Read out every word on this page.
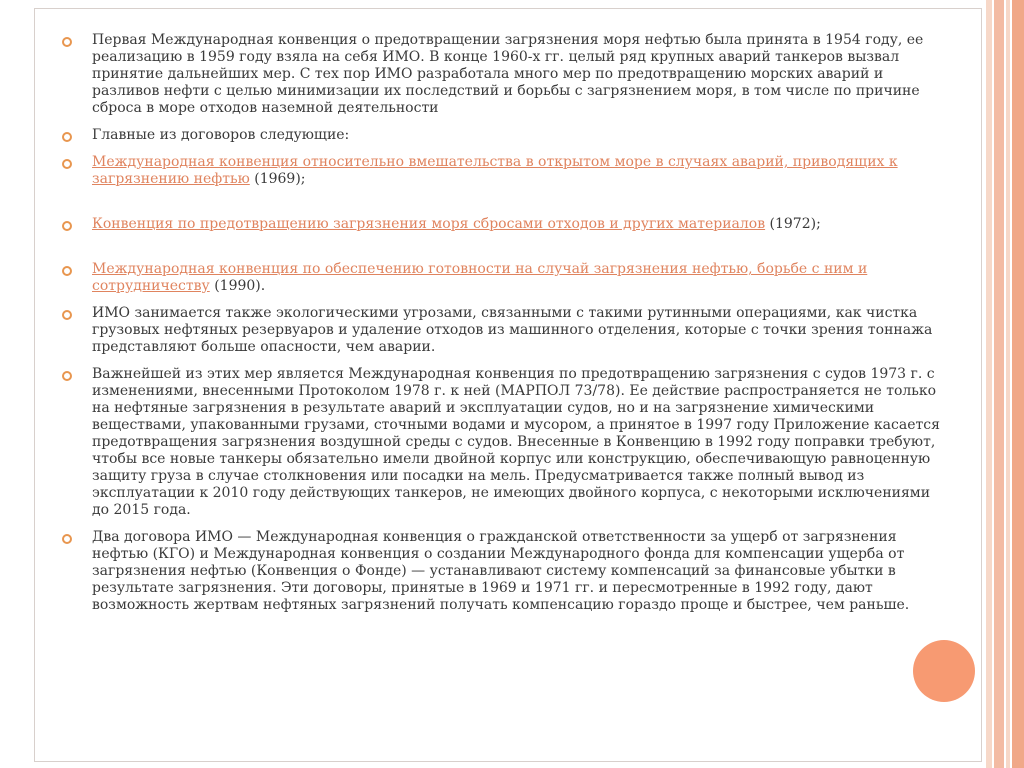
Первая Международная конвенция о предотвращении загрязнения моря нефтью была принята в 1954 году, ее реализацию в 1959 году взяла на себя ИМО. В конце 1960-х гг. целый ряд крупных аварий танкеров вызвал принятие дальнейших мер. С тех пор ИМО разработала много мер по предотвращению морских аварий и разливов нефти с целью минимизации их последствий и борьбы с загрязнением моря, в том числе по причине сброса в море отходов наземной деятельности
Главные из договоров следующие:
Международная конвенция относительно вмешательства в открытом море в случаях аварий, приводящих к загрязнению нефтью (1969);
Конвенция по предотвращению загрязнения моря сбросами отходов и других материалов (1972);
Международная конвенция по обеспечению готовности на случай загрязнения нефтью, борьбе с ним и сотрудничеству (1990).
ИМО занимается также экологическими угрозами, связанными с такими рутинными операциями, как чистка грузовых нефтяных резервуаров и удаление отходов из машинного отделения, которые с точки зрения тоннажа представляют больше опасности, чем аварии.
Важнейшей из этих мер является Международная конвенция по предотвращению загрязнения с судов 1973 г. с изменениями, внесенными Протоколом 1978 г. к ней (МАРПОЛ 73/78). Ее действие распространяется не только на нефтяные загрязнения в результате аварий и эксплуатации судов, но и на загрязнение химическими веществами, упакованными грузами, сточными водами и мусором, а принятое в 1997 году Приложение касается предотвращения загрязнения воздушной среды с судов. Внесенные в Конвенцию в 1992 году поправки требуют, чтобы все новые танкеры обязательно имели двойной корпус или конструкцию, обеспечивающую равноценную защиту груза в случае столкновения или посадки на мель. Предусматривается также полный вывод из эксплуатации к 2010 году действующих танкеров, не имеющих двойного корпуса, с некоторыми исключениями до 2015 года.
Два договора ИМО — Международная конвенция о гражданской ответственности за ущерб от загрязнения нефтью (КГО) и Международная конвенция о создании Международного фонда для компенсации ущерба от загрязнения нефтью (Конвенция о Фонде) — устанавливают систему компенсаций за финансовые убытки в результате загрязнения. Эти договоры, принятые в 1969 и 1971 гг. и пересмотренные в 1992 году, дают возможность жертвам нефтяных загрязнений получать компенсацию гораздо проще и быстрее, чем раньше.
